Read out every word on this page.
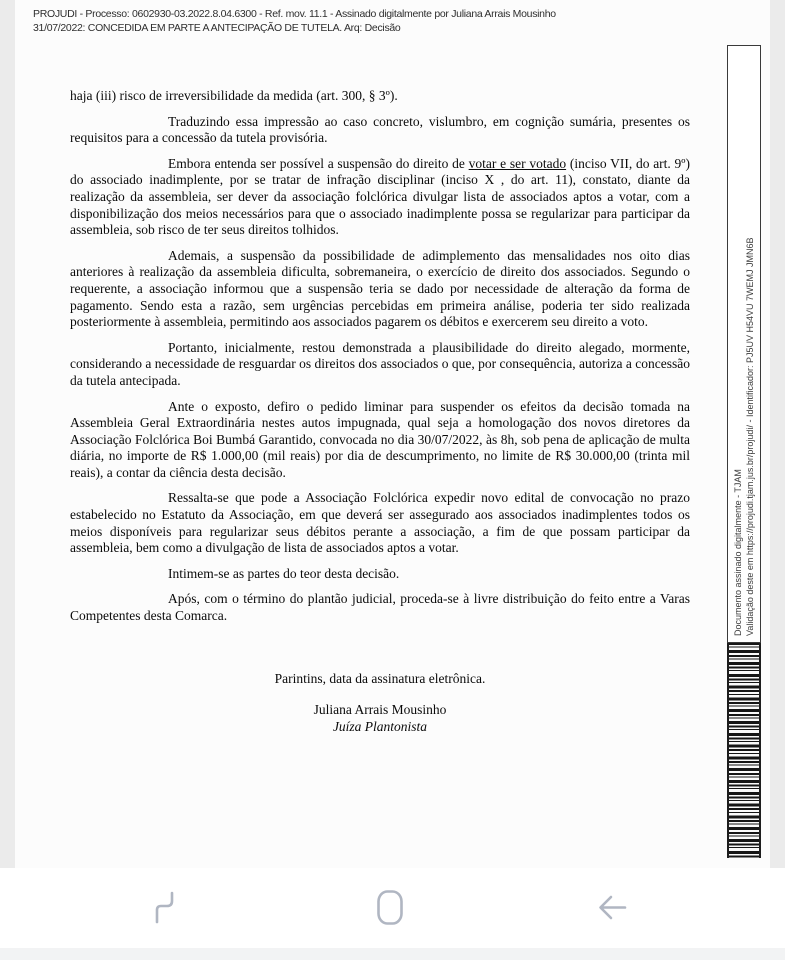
PROJUDI - Processo: 0602930-03.2022.8.04.6300 - Ref. mov. 11.1 - Assinado digitalmente por Juliana Arrais Mousinho
31/07/2022: CONCEDIDA EM PARTE A ANTECIPAÇÃO DE TUTELA. Arq: Decisão

haja (iii) risco de irreversibilidade da medida (art. 300, § 3º).

Traduzindo essa impressão ao caso concreto, vislumbro, em cognição sumária, presentes os requisitos para a concessão da tutela provisória.

Embora entenda ser possível a suspensão do direito de votar e ser votado (inciso VII, do art. 9º) do associado inadimplente, por se tratar de infração disciplinar (inciso X , do art. 11), constato, diante da realização da assembleia, ser dever da associação folclórica divulgar lista de associados aptos a votar, com a disponibilização dos meios necessários para que o associado inadimplente possa se regularizar para participar da assembleia, sob risco de ter seus direitos tolhidos.

Ademais, a suspensão da possibilidade de adimplemento das mensalidades nos oito dias anteriores à realização da assembleia dificulta, sobremaneira, o exercício de direito dos associados. Segundo o requerente, a associação informou que a suspensão teria se dado por necessidade de alteração da forma de pagamento. Sendo esta a razão, sem urgências percebidas em primeira análise, poderia ter sido realizada posteriormente à assembleia, permitindo aos associados pagarem os débitos e exercerem seu direito a voto.

Portanto, inicialmente, restou demonstrada a plausibilidade do direito alegado, mormente, considerando a necessidade de resguardar os direitos dos associados o que, por consequência, autoriza a concessão da tutela antecipada.

Ante o exposto, defiro o pedido liminar para suspender os efeitos da decisão tomada na Assembleia Geral Extraordinária nestes autos impugnada, qual seja a homologação dos novos diretores da Associação Folclórica Boi Bumbá Garantido, convocada no dia 30/07/2022, às 8h, sob pena de aplicação de multa diária, no importe de R$ 1.000,00 (mil reais) por dia de descumprimento, no limite de R$ 30.000,00 (trinta mil reais), a contar da ciência desta decisão.

Ressalta-se que pode a Associação Folclórica expedir novo edital de convocação no prazo estabelecido no Estatuto da Associação, em que deverá ser assegurado aos associados inadimplentes todos os meios disponíveis para regularizar seus débitos perante a associação, a fim de que possam participar da assembleia, bem como a divulgação de lista de associados aptos a votar.

Intimem-se as partes do teor desta decisão.

Após, com o término do plantão judicial, proceda-se à livre distribuição do feito entre a Varas Competentes desta Comarca.

Parintins, data da assinatura eletrônica.

Juliana Arrais Mousinho

Juíza Plantonista

Documento assinado digitalmente - TJAM Validação deste em https://projudi.tjam.jus.br/projudi/ - Identificador: PJ5UV H54VU 7WEMJ JMN6B
